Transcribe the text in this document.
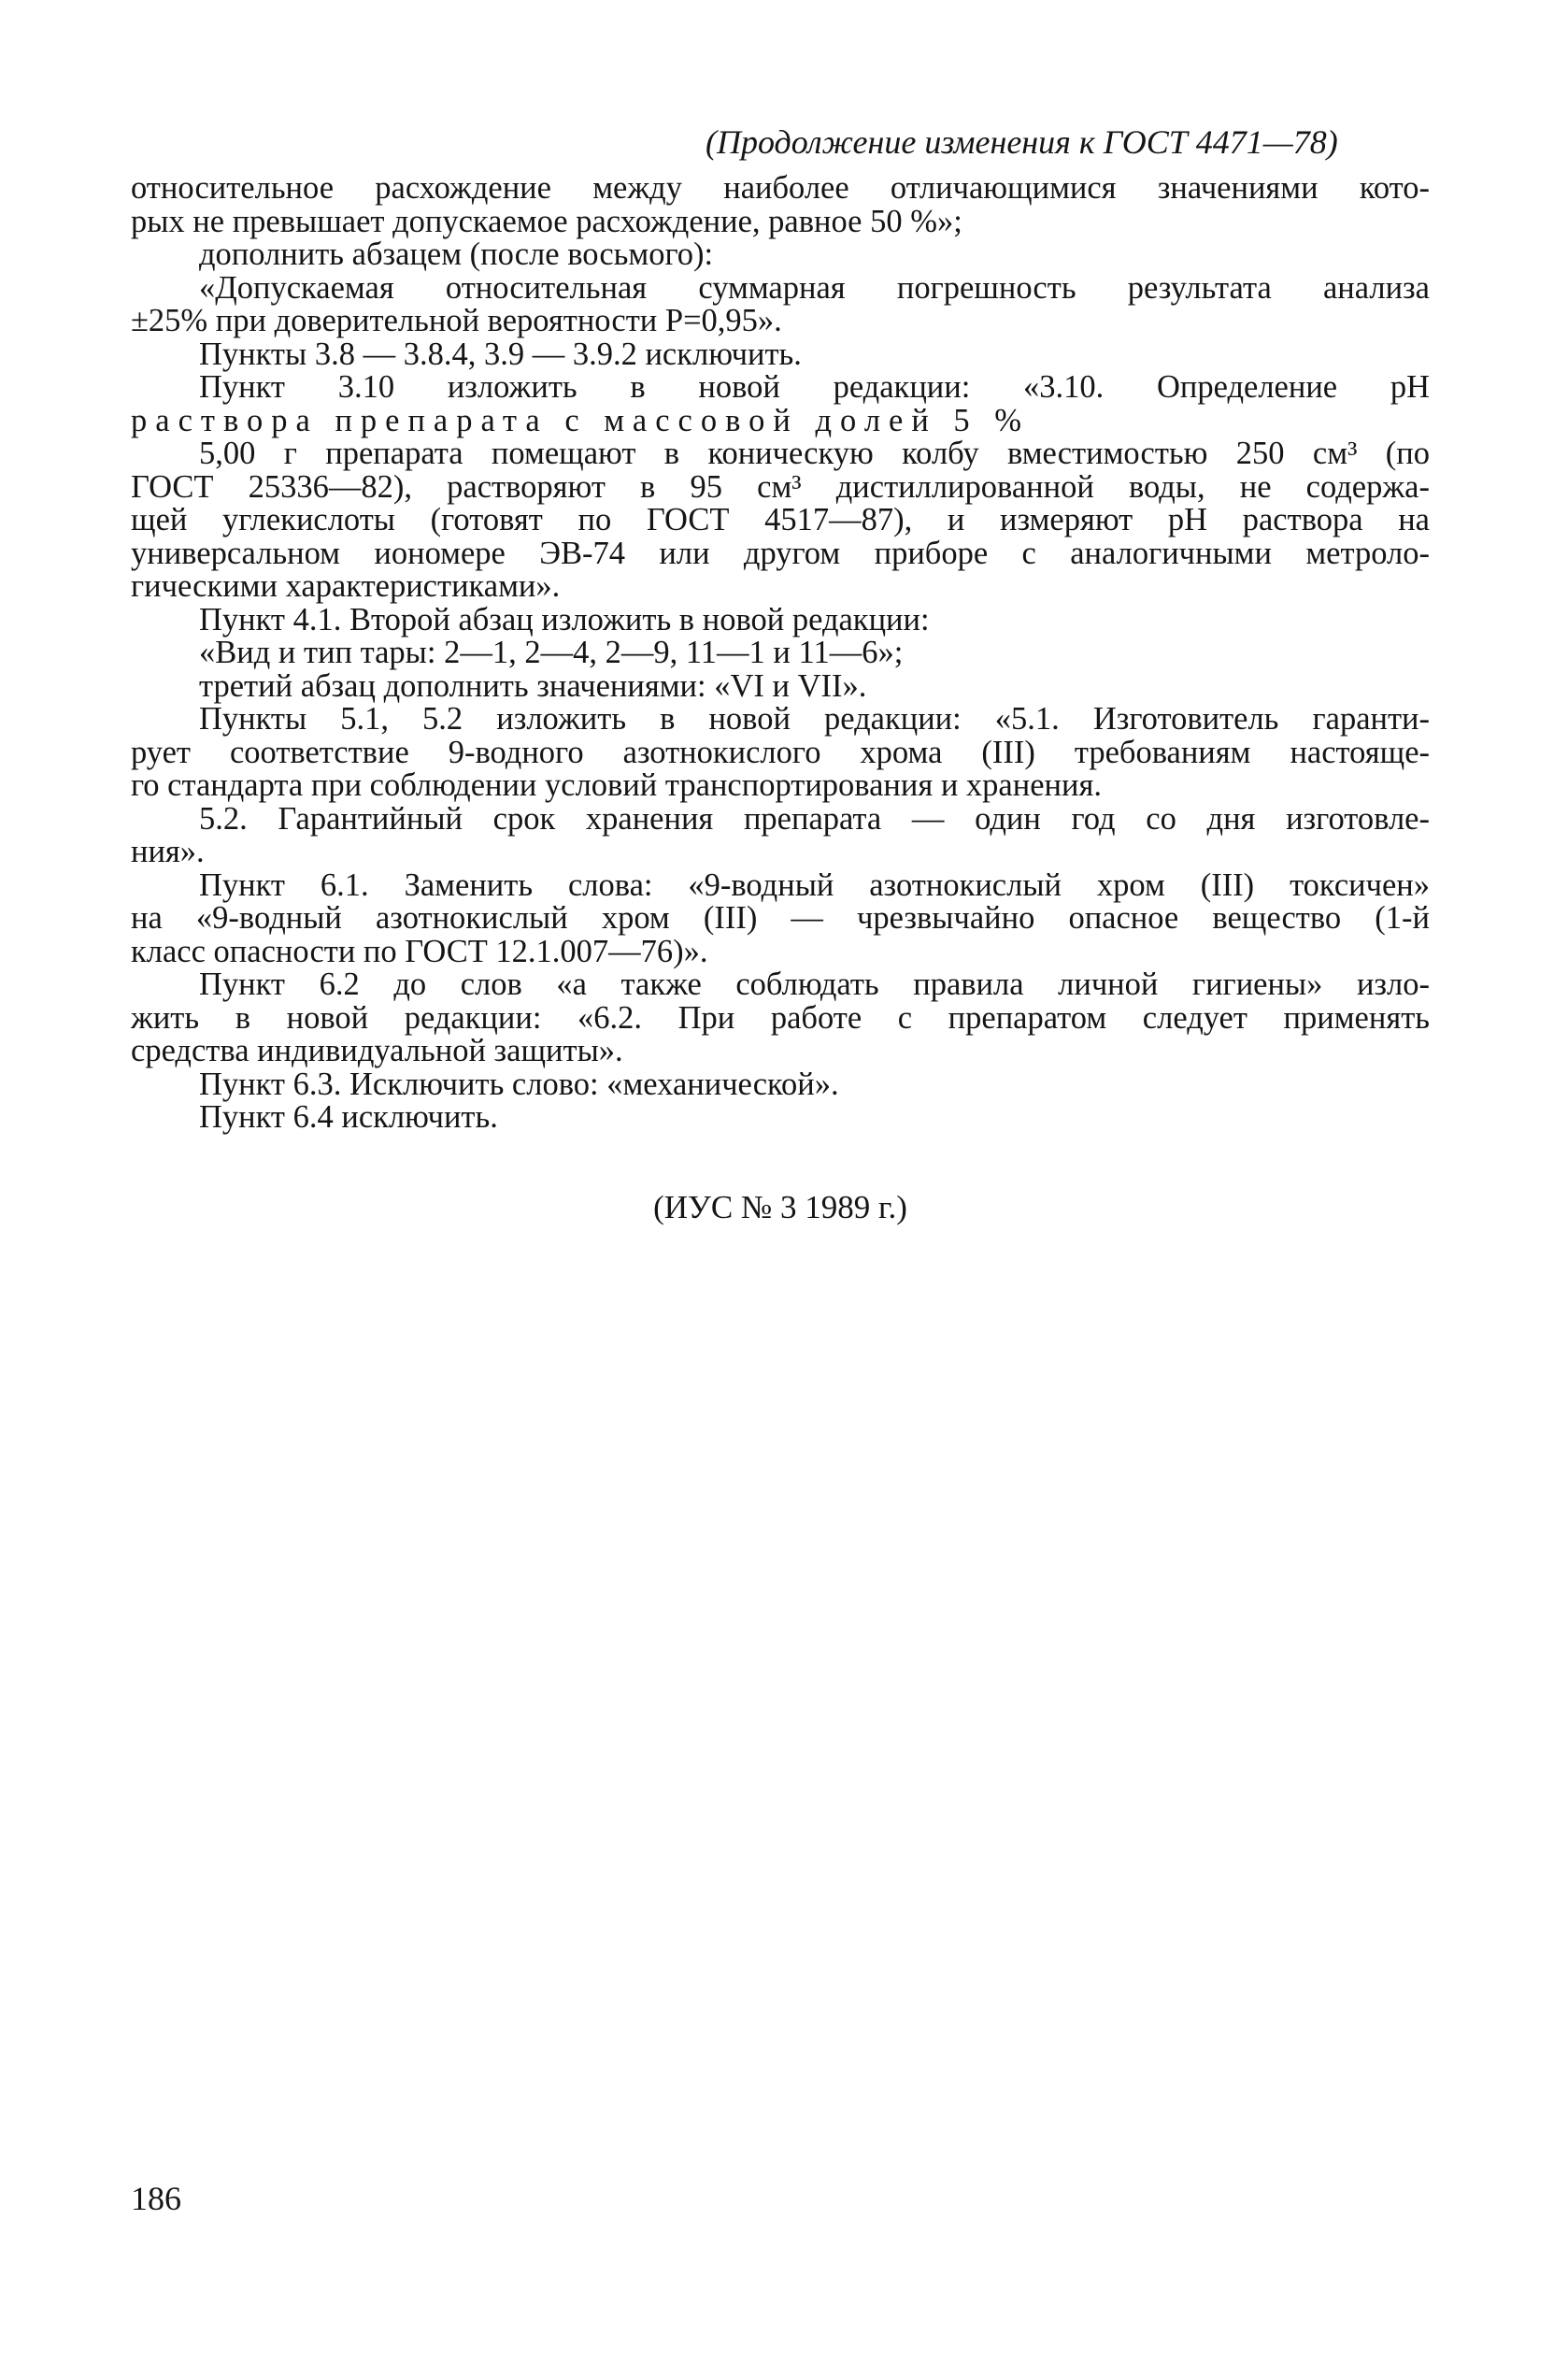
(Продолжение изменения к ГОСТ 4471—78)
относительное расхождение между наиболее отличающимися значениями кото-
рых не превышает допускаемое расхождение, равное 50 %»;
дополнить абзацем (после восьмого):
«Допускаемая относительная суммарная погрешность результата анализа
±25% при доверительной вероятности P=0,95».
Пункты 3.8 — 3.8.4, 3.9 — 3.9.2 исключить.
Пункт 3.10 изложить в новой редакции: «3.10. Определение рН
раствора препарата с массовой долей 5 %
5,00 г препарата помещают в коническую колбу вместимостью 250 см³ (по
ГОСТ 25336—82), растворяют в 95 см³ дистиллированной воды, не содержа-
щей углекислоты (готовят по ГОСТ 4517—87), и измеряют рН раствора на
универсальном иономере ЭВ-74 или другом приборе с аналогичными метроло-
гическими характеристиками».
Пункт 4.1. Второй абзац изложить в новой редакции:
«Вид и тип тары: 2—1, 2—4, 2—9, 11—1 и 11—6»;
третий абзац дополнить значениями: «VI и VII».
Пункты 5.1, 5.2 изложить в новой редакции: «5.1. Изготовитель гаранти-
рует соответствие 9-водного азотнокислого хрома (III) требованиям настояще-
го стандарта при соблюдении условий транспортирования и хранения.
5.2. Гарантийный срок хранения препарата — один год со дня изготовле-
ния».
Пункт 6.1. Заменить слова: «9-водный азотнокислый хром (III) токсичен»
на «9-водный азотнокислый хром (III) — чрезвычайно опасное вещество (1-й
класс опасности по ГОСТ 12.1.007—76)».
Пункт 6.2 до слов «а также соблюдать правила личной гигиены» изло-
жить в новой редакции: «6.2. При работе с препаратом следует применять
средства индивидуальной защиты».
Пункт 6.3. Исключить слово: «механической».
Пункт 6.4 исключить.
(ИУС № 3 1989 г.)
186
